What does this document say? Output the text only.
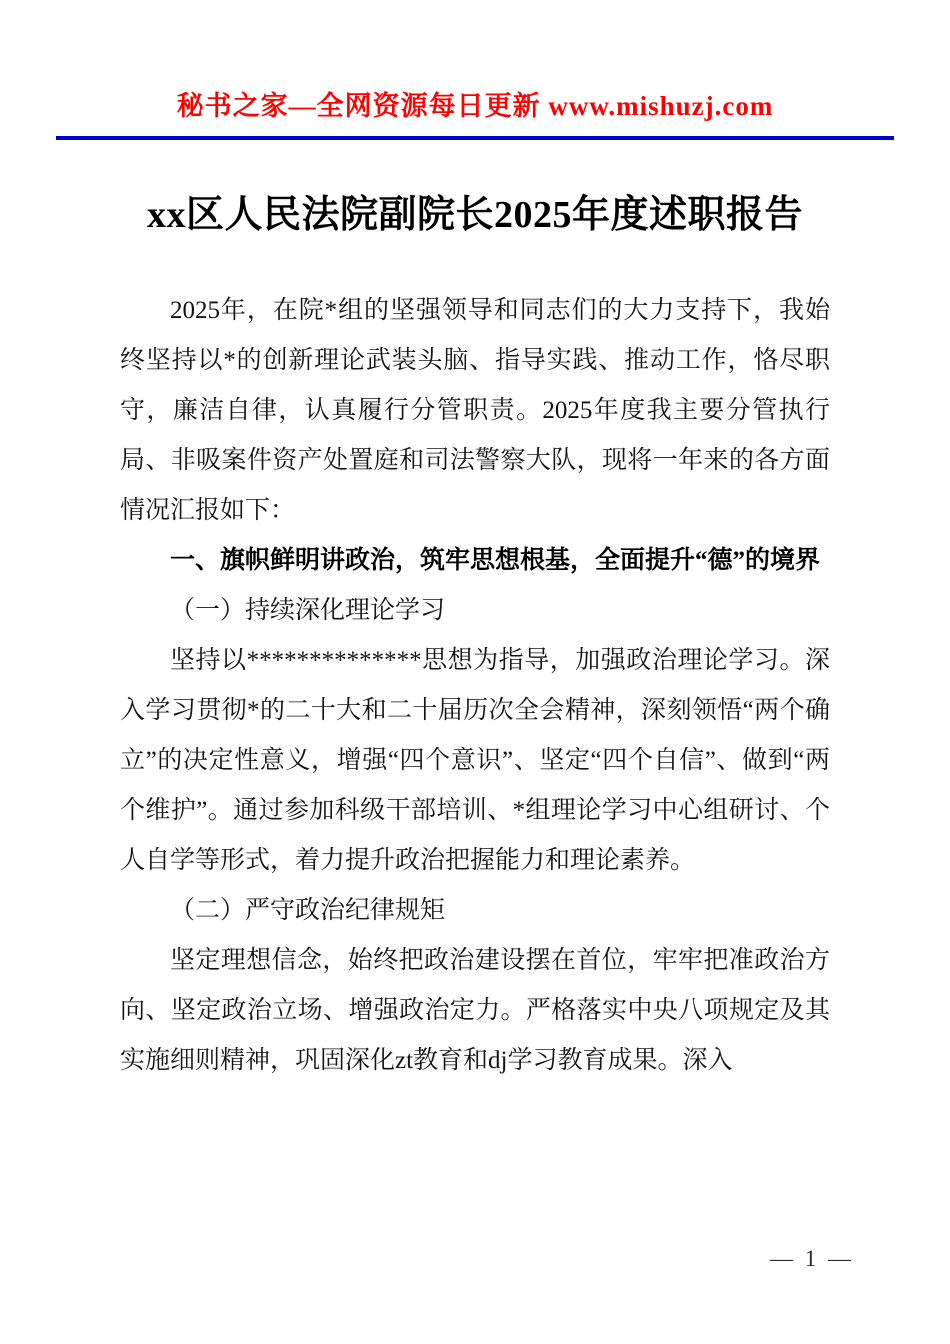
秘书之家—全网资源每日更新 www.mishuzj.com
xx区人民法院副院长2025年度述职报告

2025年，在院*组的坚强领导和同志们的大力支持下，我始终坚持以*的创新理论武装头脑、指导实践、推动工作，恪尽职守，廉洁自律，认真履行分管职责。2025年度我主要分管执行局、非吸案件资产处置庭和司法警察大队，现将一年来的各方面情况汇报如下：

一、旗帜鲜明讲政治，筑牢思想根基，全面提升“德”的境界

（一）持续深化理论学习

坚持以**************思想为指导，加强政治理论学习。深入学习贯彻*的二十大和二十届历次全会精神，深刻领悟“两个确立”的决定性意义，增强“四个意识”、坚定“四个自信”、做到“两个维护”。通过参加科级干部培训、*组理论学习中心组研讨、个人自学等形式，着力提升政治把握能力和理论素养。

（二）严守政治纪律规矩

坚定理想信念，始终把政治建设摆在首位，牢牢把准政治方向、坚定政治立场、增强政治定力。严格落实中央八项规定及其实施细则精神，巩固深化zt教育和dj学习教育成果。深入

— 1 —
